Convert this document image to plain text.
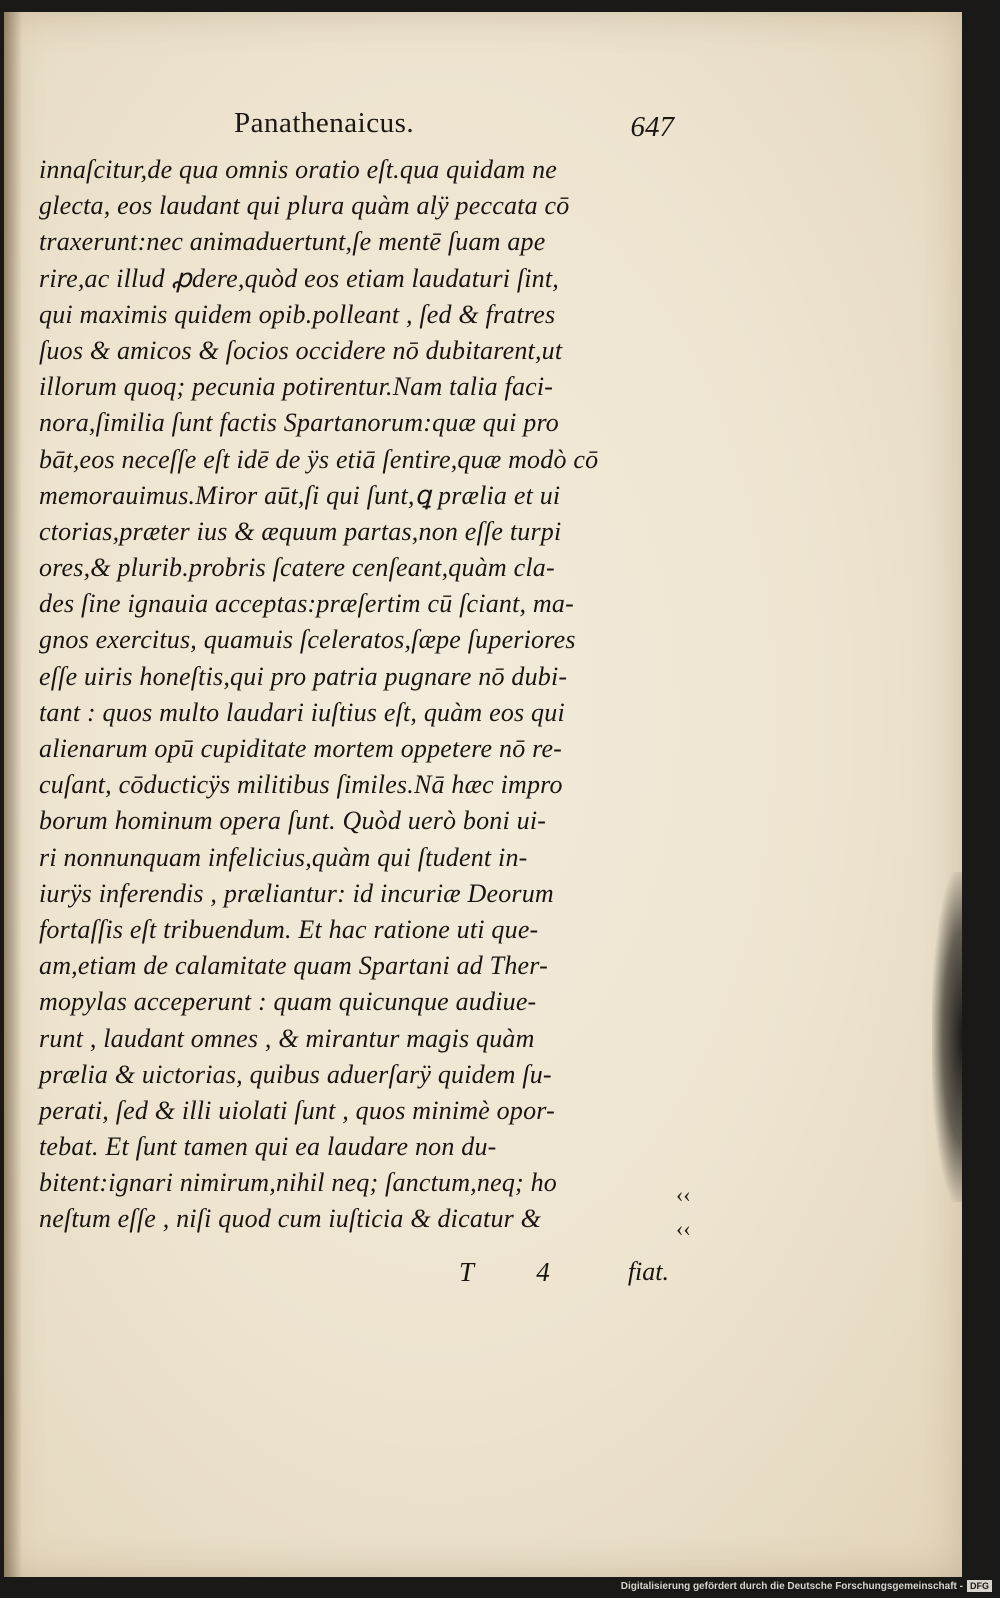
Panathenaicus.	647
innaſcitur,de qua omnis oratio eſt.qua quidam ne
glecta, eos laudant qui plura quàm alÿ peccata cō
traxerunt:nec animaduertunt,ſe mentē ſuam ape
rire,ac illud ꝓdere,quòd eos etiam laudaturi ſint,
qui maximis quidem opib.polleant , ſed & fratres
ſuos & amicos & ſocios occidere nō dubitarent,ut
illorum quoq; pecunia potirentur.Nam talia faci-
nora,ſimilia ſunt factis Spartanorum:quæ qui pro
bāt,eos neceſſe eſt idē de ÿs etiā ſentire,quæ modò cō
memorauimus.Miror aūt,ſi qui ſunt,ꝗ prælia et ui
ctorias,præter ius & æquum partas,non eſſe turpi
ores,& plurib.probris ſcatere cenſeant,quàm cla-
des ſine ignauia acceptas:præſertim cū ſciant, ma-
gnos exercitus, quamuis ſceleratos,ſæpe ſuperiores
eſſe uiris honeſtis,qui pro patria pugnare nō dubi-
tant : quos multo laudari iuſtius eſt, quàm eos qui
alienarum opū cupiditate mortem oppetere nō re-
cuſant, cōducticÿs militibus ſimiles.Nā hæc impro
borum hominum opera ſunt. Quòd uerò boni ui-
ri nonnunquam infelicius,quàm qui ſtudent in-
iurÿs inferendis , præliantur: id incuriæ Deorum
fortaſſis eſt tribuendum. Et hac ratione uti que-
am,etiam de calamitate quam Spartani ad Ther-
mopylas acceperunt : quam quicunque audiue-
runt , laudant omnes , & mirantur magis quàm
prælia & uictorias, quibus aduerſarÿ quidem ſu-
perati, ſed & illi uiolati ſunt , quos minimè opor-
tebat. Et ſunt tamen qui ea laudare non du-
bitent:ignari nimirum,nihil neq; ſanctum,neq; ho
neſtum eſſe , niſi quod cum iuſticia & dicatur &
‹‹
‹‹
T 4 fiat.
Digitalisierung gefördert durch die Deutsche Forschungsgemeinschaft - DFG
